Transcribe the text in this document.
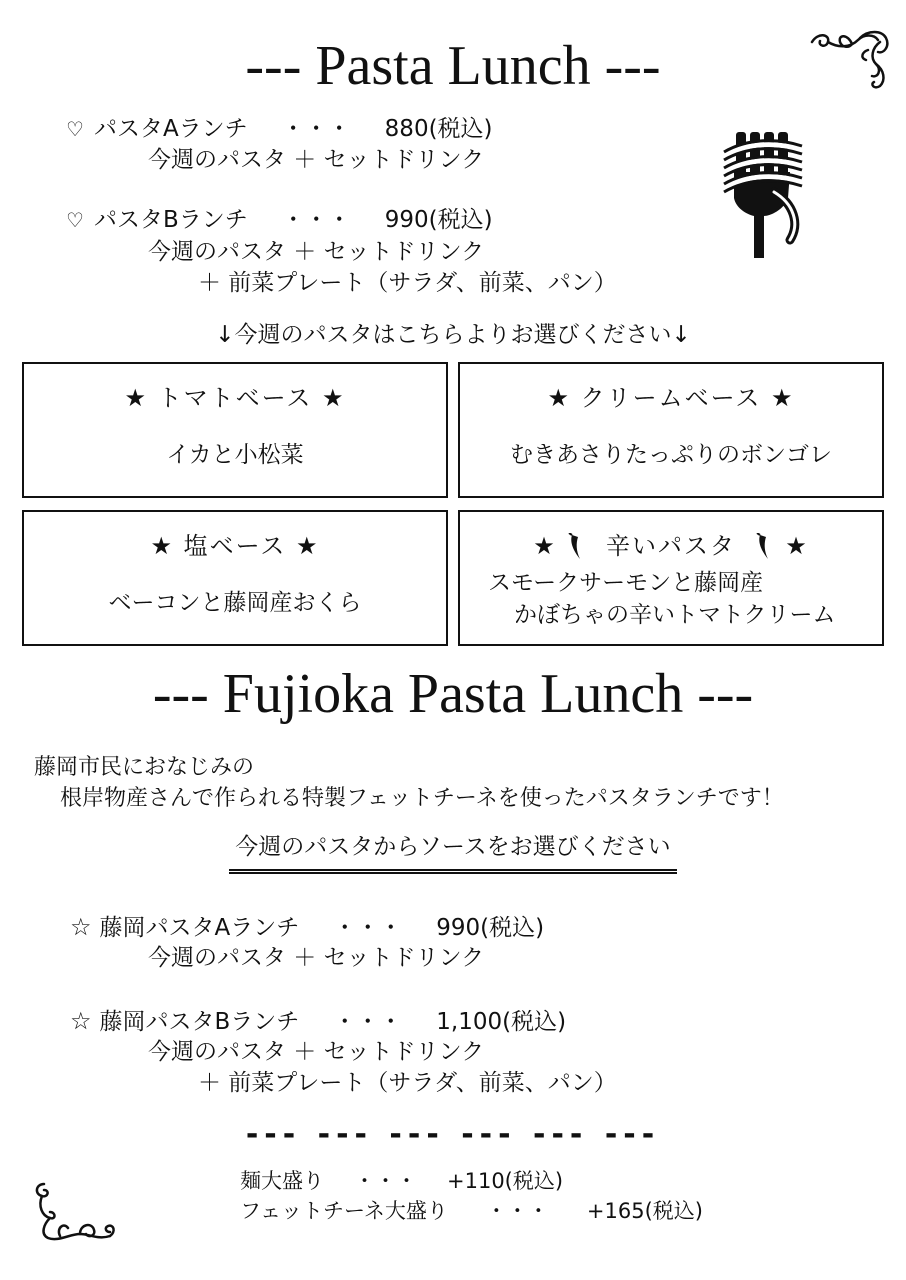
--- Pasta Lunch ---
♡ パスタAランチ ・・・ 880(税込)
今週のパスタ ＋ セットドリンク
♡ パスタBランチ ・・・ 990(税込)
今週のパスタ ＋ セットドリンク
＋ 前菜プレート（サラダ、前菜、パン）
↓今週のパスタはこちらよりお選びください↓
★ トマトベース ★
イカと小松菜
★ クリームベース ★
むきあさりたっぷりのボンゴレ
★ 塩ベース ★
ベーコンと藤岡産おくら
★ 辛いパスタ ★
スモークサーモンと藤岡産
かぼちゃの辛いトマトクリーム
--- Fujioka Pasta Lunch ---
藤岡市民におなじみの
根岸物産さんで作られる特製フェットチーネを使ったパスタランチです！
今週のパスタからソースをお選びください
☆ 藤岡パスタAランチ ・・・ 990(税込)
今週のパスタ ＋ セットドリンク
☆ 藤岡パスタBランチ ・・・ 1,100(税込)
今週のパスタ ＋ セットドリンク
＋ 前菜プレート（サラダ、前菜、パン）
--- --- --- --- --- ---
麺大盛り ・・・ +110(税込)
フェットチーネ大盛り ・・・ +165(税込)
